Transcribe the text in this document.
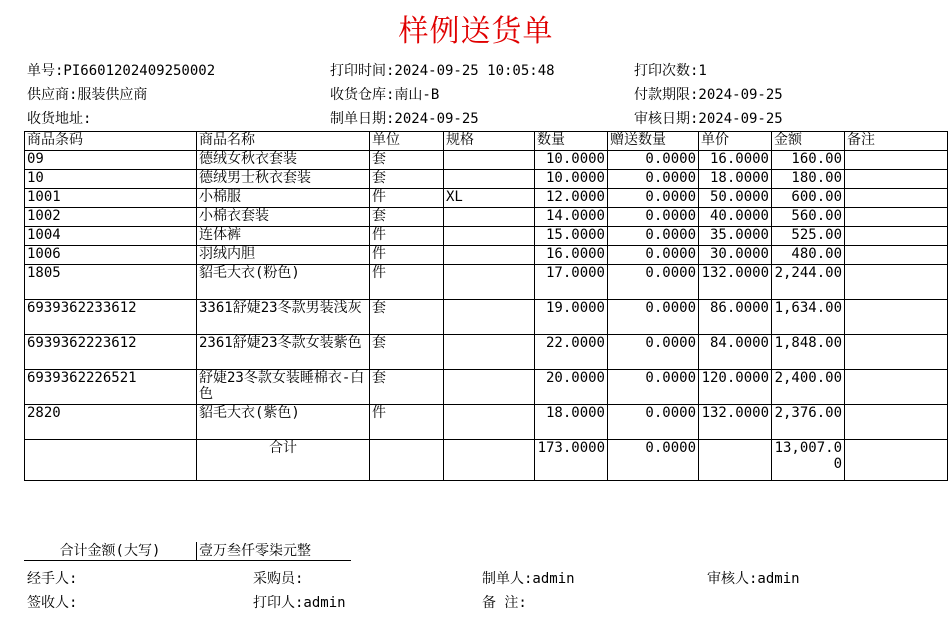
样例送货单
单号:PI6601202409250002	打印时间:2024-09-25 10:05:48	打印次数:1
供应商:服装供应商	收货仓库:南山-B	付款期限:2024-09-25
收货地址:	制单日期:2024-09-25	审核日期:2024-09-25
商品条码	商品名称	单位	规格	数量	赠送数量	单价	金额	备注
09	德绒女秋衣套装	套		10.0000	0.0000	16.0000	160.00	
10	德绒男士秋衣套装	套		10.0000	0.0000	18.0000	180.00	
1001	小棉服	件	XL	12.0000	0.0000	50.0000	600.00	
1002	小棉衣套装	套		14.0000	0.0000	40.0000	560.00	
1004	连体裤	件		15.0000	0.0000	35.0000	525.00	
1006	羽绒内胆	件		16.0000	0.0000	30.0000	480.00	
1805	貂毛大衣(粉色)	件		17.0000	0.0000	132.0000	2,244.00	
6939362233612	3361舒婕23冬款男装浅灰	套		19.0000	0.0000	86.0000	1,634.00	
6939362223612	2361舒婕23冬款女装紫色	套		22.0000	0.0000	84.0000	1,848.00	
6939362226521	舒婕23冬款女装睡棉衣-白色	套		20.0000	0.0000	120.0000	2,400.00	
2820	貂毛大衣(紫色)	件		18.0000	0.0000	132.0000	2,376.00	
	合计			173.0000	0.0000		13,007.00	
合计金额(大写)	壹万叁仟零柒元整
经手人:	采购员:	制单人:admin	审核人:admin
签收人:	打印人:admin	备 注:
